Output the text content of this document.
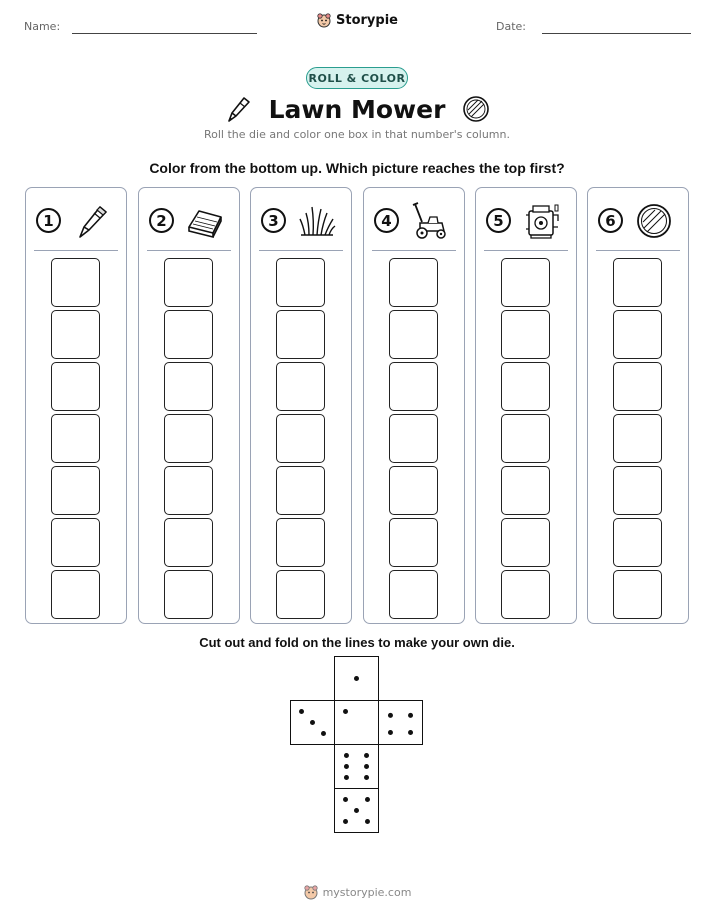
Name:	Storypie	Date:
ROLL & COLOR
Lawn Mower
Roll the die and color one box in that number's column.
Color from the bottom up. Which picture reaches the top first?
1	2	3	4	5	6
Cut out and fold on the lines to make your own die.
mystorypie.com
